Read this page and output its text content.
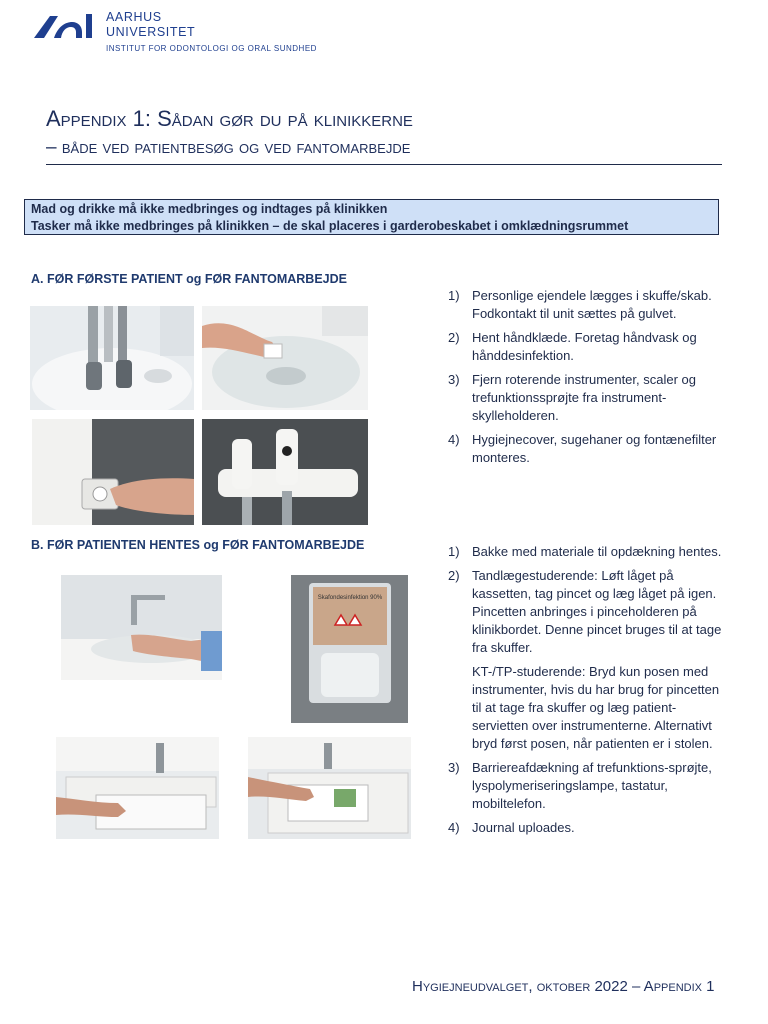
AARHUS
UNIVERSITET
INSTITUT FOR ODONTOLOGI OG ORAL SUNDHED
Appendix 1: Sådan gør du på klinikkerne
– både ved patientbesøg og ved fantomarbejde
Mad og drikke må ikke medbringes og indtages på klinikken
Tasker må ikke medbringes på klinikken – de skal placeres i garderobeskabet i omklædningsrummet
A. FØR FØRSTE PATIENT og FØR FANTOMARBEJDE
1) Personlige ejendele lægges i skuffe/skab. Fodkontakt til unit sættes på gulvet.
2) Hent håndklæde. Foretag håndvask og hånddesinfektion.
3) Fjern roterende instrumenter, scaler og trefunktionssprøjte fra instrument-skylleholderen.
4) Hygiejnecover, sugehaner og fontænefilter monteres.
B. FØR PATIENTEN HENTES og FØR FANTOMARBEJDE
Skafondesinfektion 90%
1) Bakke med materiale til opdækning hentes.
2) Tandlægestuderende: Løft låget på kassetten, tag pincet og læg låget på igen. Pincetten anbringes i pinceholderen på klinikbordet. Denne pincet bruges til at tage fra skuffer.
KT-/TP-studerende: Bryd kun posen med instrumenter, hvis du har brug for pincetten til at tage fra skuffer og læg patient-servietten over instrumenterne. Alternativt bryd først posen, når patienten er i stolen.
3) Barriereafdækning af trefunktions-sprøjte, lyspolymeriseringslampe, tastatur, mobiltelefon.
4) Journal uploades.
Hygiejneudvalget, oktober 2022 – Appendix 1
